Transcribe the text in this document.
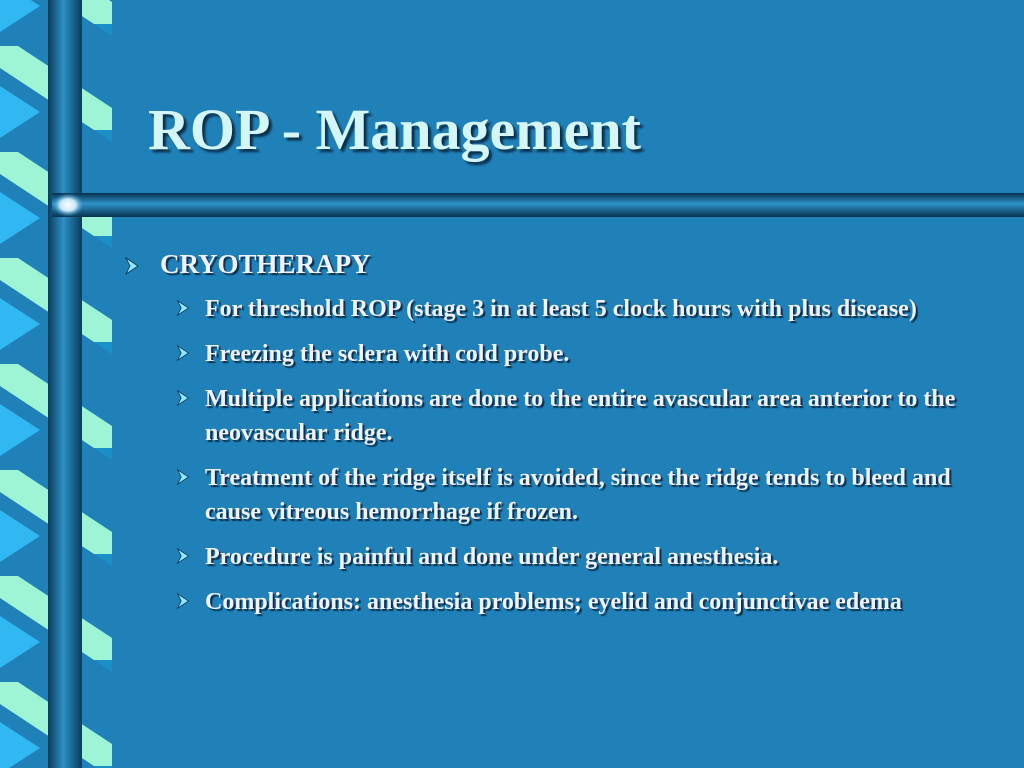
ROP - Management
CRYOTHERAPY
For threshold ROP (stage 3 in at least 5 clock hours with plus disease)
Freezing the sclera with cold probe.
Multiple applications are done to the entire avascular area anterior to the neovascular ridge.
Treatment of the ridge itself is avoided, since the ridge tends to bleed and cause vitreous hemorrhage if frozen.
Procedure is painful and done under general anesthesia.
Complications: anesthesia problems; eyelid and conjunctivae edema
